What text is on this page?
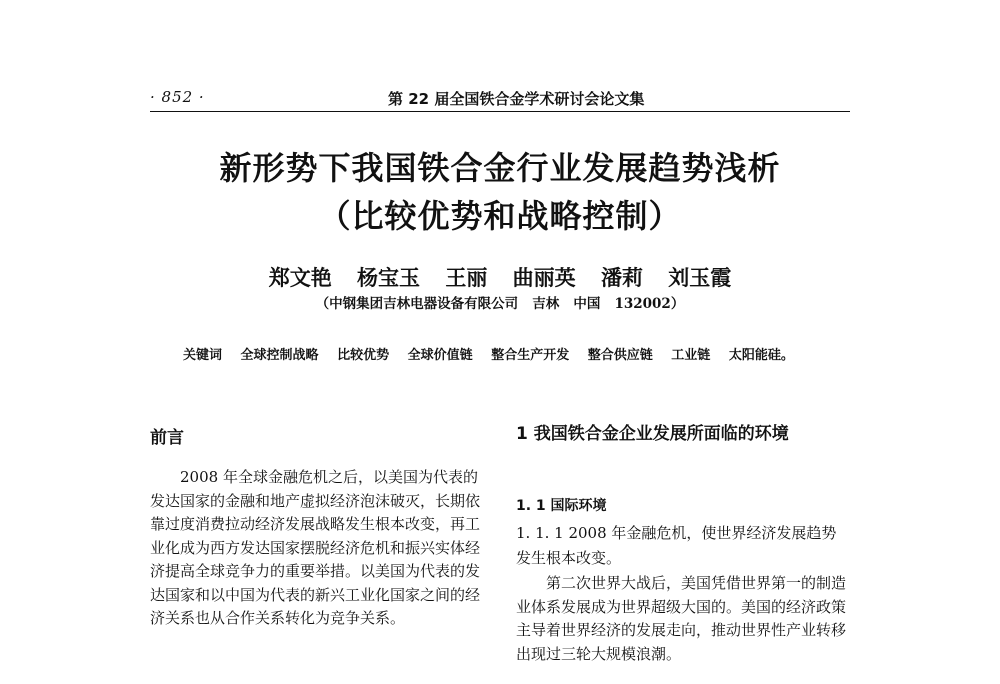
· 852 ·	第 22 届全国铁合金学术研讨会论文集
新形势下我国铁合金行业发展趋势浅析
（比较优势和战略控制）
郑文艳 杨宝玉 王丽 曲丽英 潘莉 刘玉霞
（中钢集团吉林电器设备有限公司   吉林   中国   132002）
关键词 全球控制战略 比较优势 全球价值链 整合生产开发 整合供应链 工业链 太阳能硅。
前言

2008 年全球金融危机之后，以美国为代表的发达国家的金融和地产虚拟经济泡沫破灭，长期依靠过度消费拉动经济发展战略发生根本改变，再工业化成为西方发达国家摆脱经济危机和振兴实体经济提高全球竞争力的重要举措。以美国为代表的发达国家和以中国为代表的新兴工业化国家之间的经济关系也从合作关系转化为竞争关系。

1 我国铁合金企业发展所面临的环境
1. 1 国际环境
1. 1. 1 2008 年金融危机，使世界经济发展趋势发生根本改变。

第二次世界大战后，美国凭借世界第一的制造业体系发展成为世界超级大国的。美国的经济政策主导着世界经济的发展走向，推动世界性产业转移出现过三轮大规模浪潮。
